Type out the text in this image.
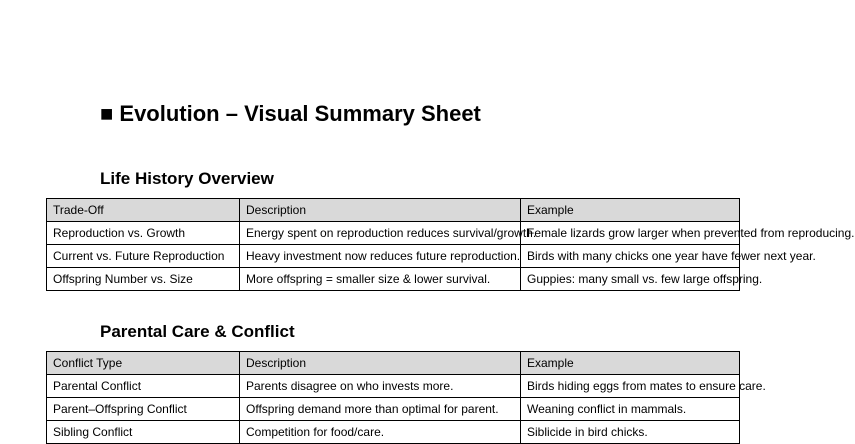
■ Evolution – Visual Summary Sheet
Life History Overview
Trade-Off	Description	Example
Reproduction vs. Growth	Energy spent on reproduction reduces survival/growth.	Female lizards grow larger when prevented from reproducing.
Current vs. Future Reproduction	Heavy investment now reduces future reproduction.	Birds with many chicks one year have fewer next year.
Offspring Number vs. Size	More offspring = smaller size & lower survival.	Guppies: many small vs. few large offspring.
Parental Care & Conflict
Conflict Type	Description	Example
Parental Conflict	Parents disagree on who invests more.	Birds hiding eggs from mates to ensure care.
Parent–Offspring Conflict	Offspring demand more than optimal for parent.	Weaning conflict in mammals.
Sibling Conflict	Competition for food/care.	Siblicide in bird chicks.
